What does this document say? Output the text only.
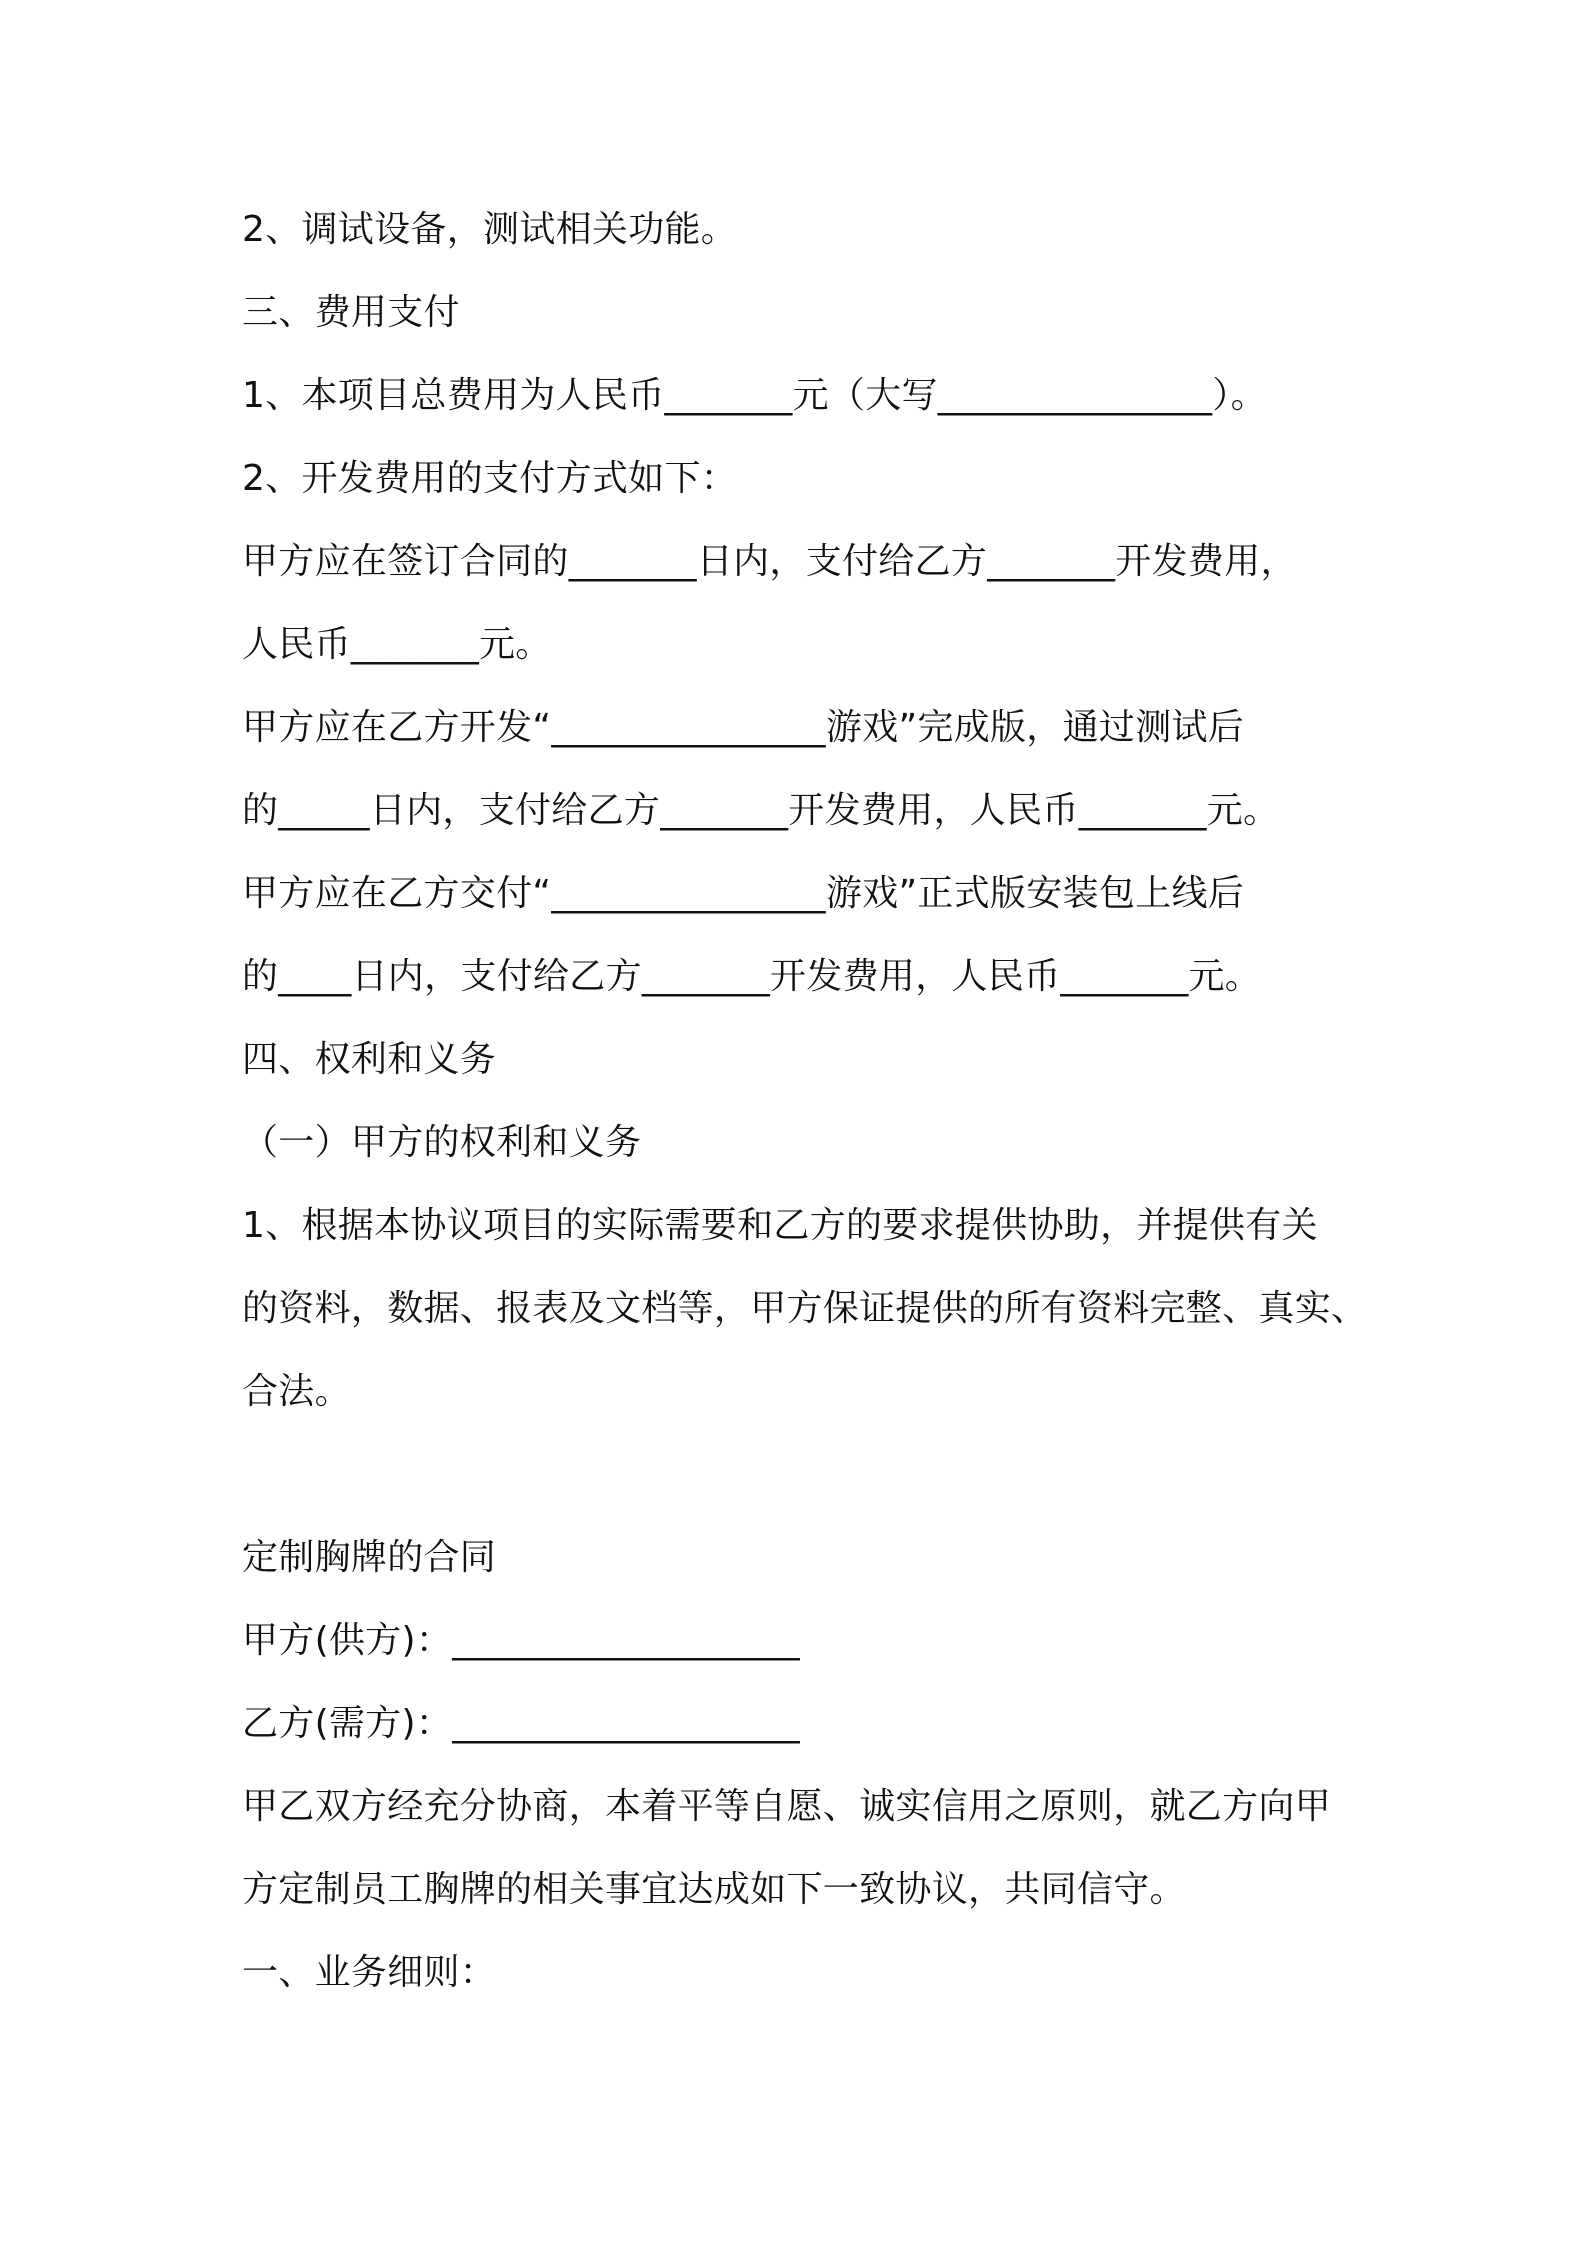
2、调试设备，测试相关功能。
三、费用支付
1、本项目总费用为人民币_______元（大写_______________）。
2、开发费用的支付方式如下：
甲方应在签订合同的_______日内，支付给乙方_______开发费用，
人民币_______元。
甲方应在乙方开发“_______________游戏”完成版，通过测试后
的_____日内，支付给乙方_______开发费用，人民币_______元。
甲方应在乙方交付“_______________游戏”正式版安装包上线后
的____日内，支付给乙方_______开发费用，人民币_______元。
四、权利和义务
（一）甲方的权利和义务
1、根据本协议项目的实际需要和乙方的要求提供协助，并提供有关
的资料，数据、报表及文档等，甲方保证提供的所有资料完整、真实、
合法。
定制胸牌的合同
甲方(供方)：___________________
乙方(需方)：___________________
甲乙双方经充分协商，本着平等自愿、诚实信用之原则，就乙方向甲
方定制员工胸牌的相关事宜达成如下一致协议，共同信守。
一、业务细则：
